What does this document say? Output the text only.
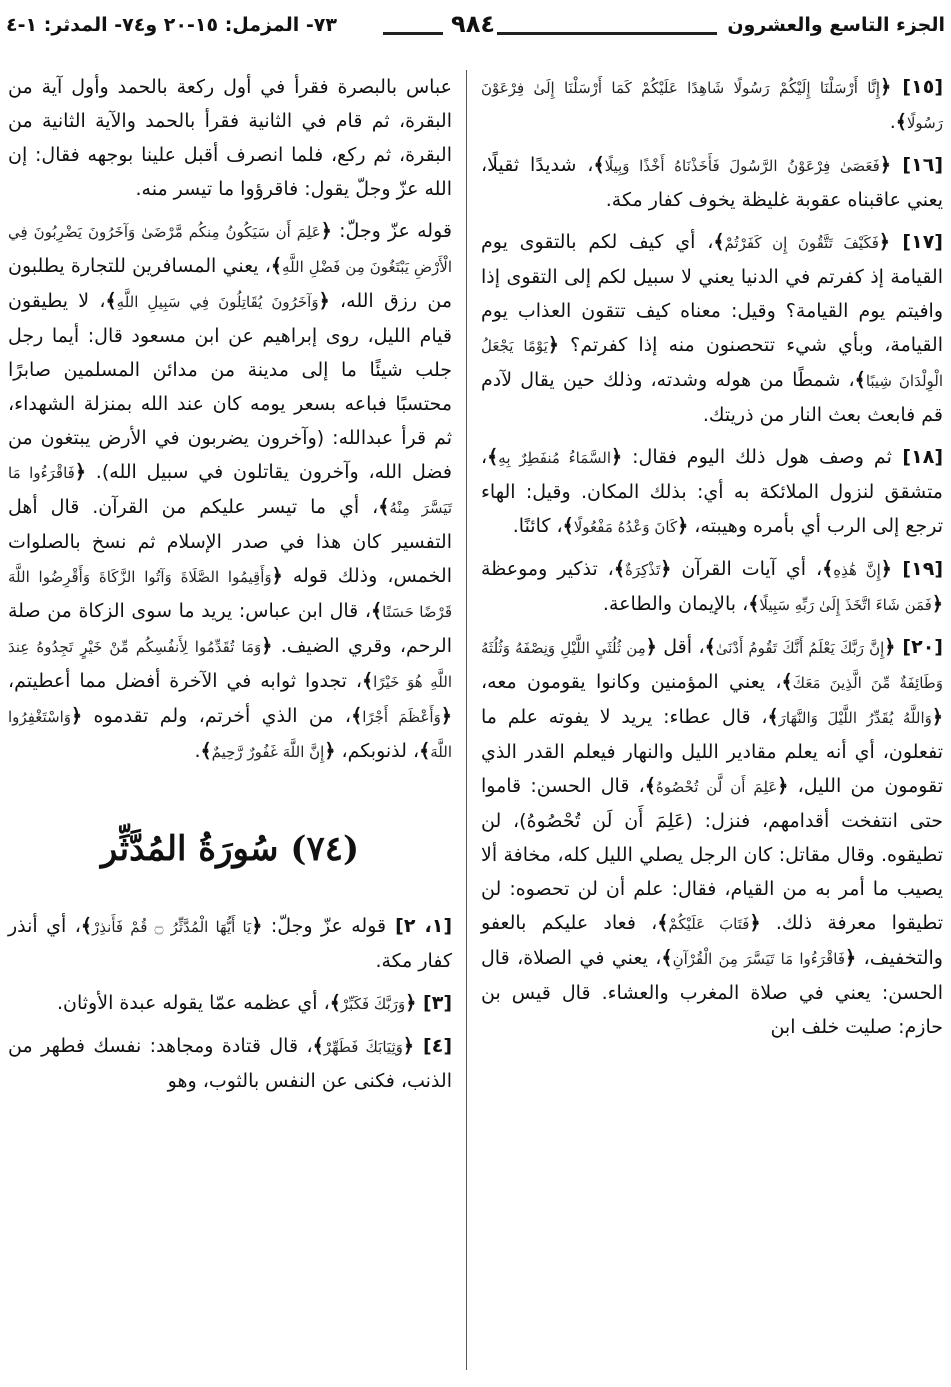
الجزء التاسع والعشرون
٩٨٤
٧٣- المزمل: ١٥-٢٠ و٧٤- المدثر: ١-٤

[١٥] ﴿إِنَّا أَرْسَلْنَا إِلَيْكُمْ رَسُولًا شَاهِدًا عَلَيْكُمْ كَمَا أَرْسَلْنَا إِلَىٰ فِرْعَوْنَ رَسُولًا﴾.

[١٦] ﴿فَعَصَىٰ فِرْعَوْنُ الرَّسُولَ فَأَخَذْنَاهُ أَخْذًا وَبِيلًا﴾، شديدًا ثقيلًا، يعني عاقبناه عقوبة غليظة يخوف كفار مكة.

[١٧] ﴿فَكَيْفَ تَتَّقُونَ إِن كَفَرْتُمْ﴾، أي كيف لكم بالتقوى يوم القيامة إذ كفرتم في الدنيا يعني لا سبيل لكم إلى التقوى إذا وافيتم يوم القيامة؟ وقيل: معناه كيف تتقون العذاب يوم القيامة، وبأي شيء تتحصنون منه إذا كفرتم؟ ﴿يَوْمًا يَجْعَلُ الْوِلْدَانَ شِيبًا﴾، شمطًا من هوله وشدته، وذلك حين يقال لآدم قم فابعث بعث النار من ذريتك.

[١٨] ثم وصف هول ذلك اليوم فقال: ﴿السَّمَاءُ مُنفَطِرٌ بِهِ﴾، متشقق لنزول الملائكة به أي: بذلك المكان. وقيل: الهاء ترجع إلى الرب أي بأمره وهيبته، ﴿كَانَ وَعْدُهُ مَفْعُولًا﴾، كائنًا.

[١٩] ﴿إِنَّ هَٰذِهِ﴾، أي آيات القرآن ﴿تَذْكِرَةٌ﴾، تذكير وموعظة ﴿فَمَن شَاءَ اتَّخَذَ إِلَىٰ رَبِّهِ سَبِيلًا﴾، بالإيمان والطاعة.

[٢٠] ﴿إِنَّ رَبَّكَ يَعْلَمُ أَنَّكَ تَقُومُ أَدْنَىٰ﴾، أقل ﴿مِن ثُلُثَيِ اللَّيْلِ وَنِصْفَهُ وَثُلُثَهُ وَطَائِفَةٌ مِّنَ الَّذِينَ مَعَكَ﴾، يعني المؤمنين وكانوا يقومون معه، ﴿وَاللَّهُ يُقَدِّرُ اللَّيْلَ وَالنَّهَارَ﴾، قال عطاء: يريد لا يفوته علم ما تفعلون، أي أنه يعلم مقادير الليل والنهار فيعلم القدر الذي تقومون من الليل، ﴿عَلِمَ أَن لَّن تُحْصُوهُ﴾، قال الحسن: قاموا حتى انتفخت أقدامهم، فنزل: (عَلِمَ أَن لَن تُحْصُوهُ)، لن تطيقوه. وقال مقاتل: كان الرجل يصلي الليل كله، مخافة ألا يصيب ما أمر به من القيام، فقال: علم أن لن تحصوه: لن تطيقوا معرفة ذلك. ﴿فَتَابَ عَلَيْكُمْ﴾، فعاد عليكم بالعفو والتخفيف، ﴿فَاقْرَءُوا مَا تَيَسَّرَ مِنَ الْقُرْآنِ﴾، يعني في الصلاة، قال الحسن: يعني في صلاة المغرب والعشاء. قال قيس بن حازم: صليت خلف ابن

عباس بالبصرة فقرأ في أول ركعة بالحمد وأول آية من البقرة، ثم قام في الثانية فقرأ بالحمد والآية الثانية من البقرة، ثم ركع، فلما انصرف أقبل علينا بوجهه فقال: إن الله عزّ وجلّ يقول: فاقرؤوا ما تيسر منه.

قوله عزّ وجلّ: ﴿عَلِمَ أَن سَيَكُونُ مِنكُم مَّرْضَىٰ وَآخَرُونَ يَضْرِبُونَ فِي الْأَرْضِ يَبْتَغُونَ مِن فَضْلِ اللَّهِ﴾، يعني المسافرين للتجارة يطلبون من رزق الله، ﴿وَآخَرُونَ يُقَاتِلُونَ فِي سَبِيلِ اللَّهِ﴾، لا يطيقون قيام الليل، روى إبراهيم عن ابن مسعود قال: أيما رجل جلب شيئًا ما إلى مدينة من مدائن المسلمين صابرًا محتسبًا فباعه بسعر يومه كان عند الله بمنزلة الشهداء، ثم قرأ عبدالله: (وآخرون يضربون في الأرض يبتغون من فضل الله، وآخرون يقاتلون في سبيل الله). ﴿فَاقْرَءُوا مَا تَيَسَّرَ مِنْهُ﴾، أي ما تيسر عليكم من القرآن. قال أهل التفسير كان هذا في صدر الإسلام ثم نسخ بالصلوات الخمس، وذلك قوله ﴿وَأَقِيمُوا الصَّلَاةَ وَآتُوا الزَّكَاةَ وَأَقْرِضُوا اللَّهَ قَرْضًا حَسَنًا﴾، قال ابن عباس: يريد ما سوى الزكاة من صلة الرحم، وقري الضيف. ﴿وَمَا تُقَدِّمُوا لِأَنفُسِكُم مِّنْ خَيْرٍ تَجِدُوهُ عِندَ اللَّهِ هُوَ خَيْرًا﴾، تجدوا ثوابه في الآخرة أفضل مما أعطيتم، ﴿وَأَعْظَمَ أَجْرًا﴾، من الذي أخرتم، ولم تقدموه ﴿وَاسْتَغْفِرُوا اللَّهَ﴾، لذنوبكم، ﴿إِنَّ اللَّهَ غَفُورٌ رَّحِيمٌ﴾.

(٧٤) سُورَةُ المُدَّثِّر

[١، ٢] قوله عزّ وجلّ: ﴿يَا أَيُّهَا الْمُدَّثِّرُ ۝ قُمْ فَأَنذِرْ﴾، أي أنذر كفار مكة.

[٣] ﴿وَرَبَّكَ فَكَبِّرْ﴾، أي عظمه عمّا يقوله عبدة الأوثان.

[٤] ﴿وَثِيَابَكَ فَطَهِّرْ﴾، قال قتادة ومجاهد: نفسك فطهر من الذنب، فكنى عن النفس بالثوب، وهو
